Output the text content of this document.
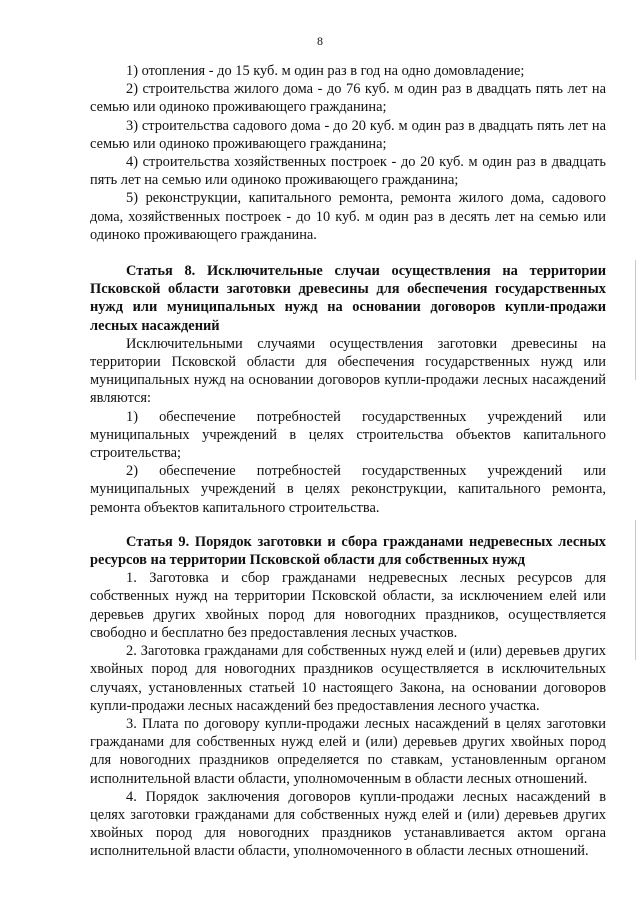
8

1) отопления - до 15 куб. м один раз в год на одно домовладение;

2) строительства жилого дома - до 76 куб. м один раз в двадцать пять лет на семью или одиноко проживающего гражданина;

3) строительства садового дома - до 20 куб. м один раз в двадцать пять лет на семью или одиноко проживающего гражданина;

4) строительства хозяйственных построек - до 20 куб. м один раз в двадцать пять лет на семью или одиноко проживающего гражданина;

5) реконструкции, капитального ремонта, ремонта жилого дома, садового дома, хозяйственных построек - до 10 куб. м один раз в десять лет на семью или одиноко проживающего гражданина.

Статья 8. Исключительные случаи осуществления на территории Псковской области заготовки древесины для обеспечения государственных нужд или муниципальных нужд на основании договоров купли-продажи лесных насаждений

Исключительными случаями осуществления заготовки древесины на территории Псковской области для обеспечения государственных нужд или муниципальных нужд на основании договоров купли-продажи лесных насаждений являются:

1) обеспечение потребностей государственных учреждений или муниципальных учреждений в целях строительства объектов капитального строительства;

2) обеспечение потребностей государственных учреждений или муниципальных учреждений в целях реконструкции, капитального ремонта, ремонта объектов капитального строительства.

Статья 9. Порядок заготовки и сбора гражданами недревесных лесных ресурсов на территории Псковской области для собственных нужд

1. Заготовка и сбор гражданами недревесных лесных ресурсов для собственных нужд на территории Псковской области, за исключением елей или деревьев других хвойных пород для новогодних праздников, осуществляется свободно и бесплатно без предоставления лесных участков.

2. Заготовка гражданами для собственных нужд елей и (или) деревьев других хвойных пород для новогодних праздников осуществляется в исключительных случаях, установленных статьей 10 настоящего Закона, на основании договоров купли-продажи лесных насаждений без предоставления лесного участка.

3. Плата по договору купли-продажи лесных насаждений в целях заготовки гражданами для собственных нужд елей и (или) деревьев других хвойных пород для новогодних праздников определяется по ставкам, установленным органом исполнительной власти области, уполномоченным в области лесных отношений.

4. Порядок заключения договоров купли-продажи лесных насаждений в целях заготовки гражданами для собственных нужд елей и (или) деревьев других хвойных пород для новогодних праздников устанавливается актом органа исполнительной власти области, уполномоченного в области лесных отношений.
